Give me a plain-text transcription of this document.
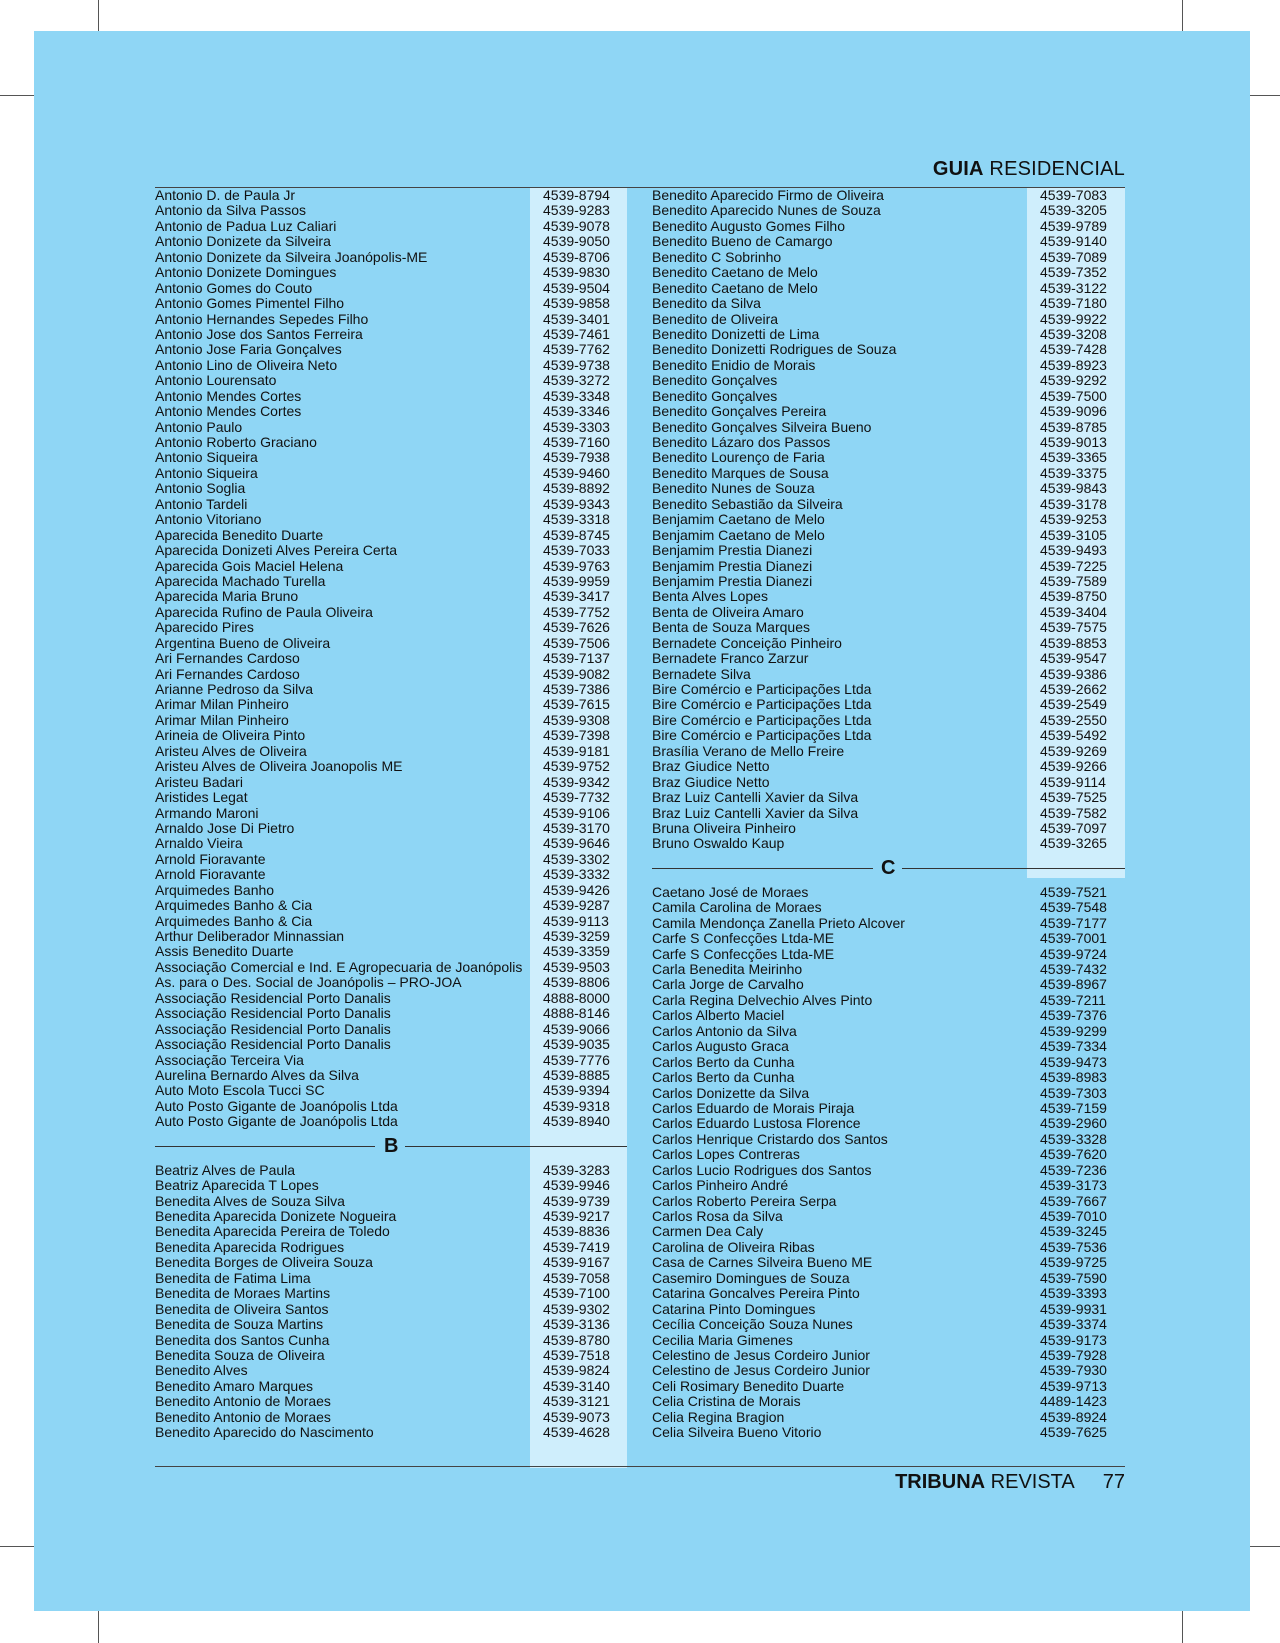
GUIA RESIDENCIAL
Antonio D. de Paula Jr	4539-8794
Antonio da Silva Passos	4539-9283
Antonio de Padua Luz Caliari	4539-9078
Antonio Donizete da Silveira	4539-9050
Antonio Donizete da Silveira Joanópolis-ME	4539-8706
Antonio Donizete Domingues	4539-9830
Antonio Gomes do Couto	4539-9504
Antonio Gomes Pimentel Filho	4539-9858
Antonio Hernandes Sepedes Filho	4539-3401
Antonio Jose dos Santos Ferreira	4539-7461
Antonio Jose Faria Gonçalves	4539-7762
Antonio Lino de Oliveira Neto	4539-9738
Antonio Lourensato	4539-3272
Antonio Mendes Cortes	4539-3348
Antonio Mendes Cortes	4539-3346
Antonio Paulo	4539-3303
Antonio Roberto Graciano	4539-7160
Antonio Siqueira	4539-7938
Antonio Siqueira	4539-9460
Antonio Soglia	4539-8892
Antonio Tardeli	4539-9343
Antonio Vitoriano	4539-3318
Aparecida Benedito Duarte	4539-8745
Aparecida Donizeti Alves Pereira Certa	4539-7033
Aparecida Gois Maciel Helena	4539-9763
Aparecida Machado Turella	4539-9959
Aparecida Maria Bruno	4539-3417
Aparecida Rufino de Paula Oliveira	4539-7752
Aparecido Pires	4539-7626
Argentina Bueno de Oliveira	4539-7506
Ari Fernandes Cardoso	4539-7137
Ari Fernandes Cardoso	4539-9082
Arianne Pedroso da Silva	4539-7386
Arimar Milan Pinheiro	4539-7615
Arimar Milan Pinheiro	4539-9308
Arineia de Oliveira Pinto	4539-7398
Aristeu Alves de Oliveira	4539-9181
Aristeu Alves de Oliveira Joanopolis ME	4539-9752
Aristeu Badari	4539-9342
Aristides Legat	4539-7732
Armando Maroni	4539-9106
Arnaldo Jose Di Pietro	4539-3170
Arnaldo Vieira	4539-9646
Arnold Fioravante	4539-3302
Arnold Fioravante	4539-3332
Arquimedes Banho	4539-9426
Arquimedes Banho & Cia	4539-9287
Arquimedes Banho & Cia	4539-9113
Arthur Deliberador Minnassian	4539-3259
Assis Benedito Duarte	4539-3359
Associação Comercial e Ind. E Agropecuaria de Joanópolis 4539-9503
As. para o Des. Social de Joanópolis – PRO-JOA	4539-8806
Associação Residencial Porto Danalis	4888-8000
Associação Residencial Porto Danalis	4888-8146
Associação Residencial Porto Danalis	4539-9066
Associação Residencial Porto Danalis	4539-9035
Associação Terceira Via	4539-7776
Aurelina Bernardo Alves da Silva	4539-8885
Auto Moto Escola Tucci SC	4539-9394
Auto Posto Gigante de Joanópolis Ltda	4539-9318
Auto Posto Gigante de Joanópolis Ltda	4539-8940
B
Beatriz Alves de Paula	4539-3283
Beatriz Aparecida T Lopes	4539-9946
Benedita Alves de Souza Silva	4539-9739
Benedita Aparecida Donizete Nogueira	4539-9217
Benedita Aparecida Pereira de Toledo	4539-8836
Benedita Aparecida Rodrigues	4539-7419
Benedita Borges de Oliveira Souza	4539-9167
Benedita de Fatima Lima	4539-7058
Benedita de Moraes Martins	4539-7100
Benedita de Oliveira Santos	4539-9302
Benedita de Souza Martins	4539-3136
Benedita dos Santos Cunha	4539-8780
Benedita Souza de Oliveira	4539-7518
Benedito Alves	4539-9824
Benedito Amaro Marques	4539-3140
Benedito Antonio de Moraes	4539-3121
Benedito Antonio de Moraes	4539-9073
Benedito Aparecido do Nascimento	4539-4628
Benedito Aparecido Firmo de Oliveira	4539-7083
Benedito Aparecido Nunes de Souza	4539-3205
Benedito Augusto Gomes Filho	4539-9789
Benedito Bueno de Camargo	4539-9140
Benedito C Sobrinho	4539-7089
Benedito Caetano de Melo	4539-7352
Benedito Caetano de Melo	4539-3122
Benedito da Silva	4539-7180
Benedito de Oliveira	4539-9922
Benedito Donizetti de Lima	4539-3208
Benedito Donizetti Rodrigues de Souza	4539-7428
Benedito Enidio de Morais	4539-8923
Benedito Gonçalves	4539-9292
Benedito Gonçalves	4539-7500
Benedito Gonçalves Pereira	4539-9096
Benedito Gonçalves Silveira Bueno	4539-8785
Benedito Lázaro dos Passos	4539-9013
Benedito Lourenço de Faria	4539-3365
Benedito Marques de Sousa	4539-3375
Benedito Nunes de Souza	4539-9843
Benedito Sebastião da Silveira	4539-3178
Benjamim Caetano de Melo	4539-9253
Benjamim Caetano de Melo	4539-3105
Benjamim Prestia Dianezi	4539-9493
Benjamim Prestia Dianezi	4539-7225
Benjamim Prestia Dianezi	4539-7589
Benta Alves Lopes	4539-8750
Benta de Oliveira Amaro	4539-3404
Benta de Souza Marques	4539-7575
Bernadete Conceição Pinheiro	4539-8853
Bernadete Franco Zarzur	4539-9547
Bernadete Silva	4539-9386
Bire Comércio e Participações Ltda	4539-2662
Bire Comércio e Participações Ltda	4539-2549
Bire Comércio e Participações Ltda	4539-2550
Bire Comércio e Participações Ltda	4539-5492
Brasília Verano de Mello Freire	4539-9269
Braz Giudice Netto	4539-9266
Braz Giudice Netto	4539-9114
Braz Luiz Cantelli Xavier da Silva	4539-7525
Braz Luiz Cantelli Xavier da Silva	4539-7582
Bruna Oliveira Pinheiro	4539-7097
Bruno Oswaldo Kaup	4539-3265
C
Caetano José de Moraes	4539-7521
Camila Carolina de Moraes	4539-7548
Camila Mendonça Zanella Prieto Alcover	4539-7177
Carfe S Confecções Ltda-ME	4539-7001
Carfe S Confecções Ltda-ME	4539-9724
Carla Benedita Meirinho	4539-7432
Carla Jorge de Carvalho	4539-8967
Carla Regina Delvechio Alves Pinto	4539-7211
Carlos Alberto Maciel	4539-7376
Carlos Antonio da Silva	4539-9299
Carlos Augusto Graca	4539-7334
Carlos Berto da Cunha	4539-9473
Carlos Berto da Cunha	4539-8983
Carlos Donizette da Silva	4539-7303
Carlos Eduardo de Morais Piraja	4539-7159
Carlos Eduardo Lustosa Florence	4539-2960
Carlos Henrique Cristardo dos Santos	4539-3328
Carlos Lopes Contreras	4539-7620
Carlos Lucio Rodrigues dos Santos	4539-7236
Carlos Pinheiro André	4539-3173
Carlos Roberto Pereira Serpa	4539-7667
Carlos Rosa da Silva	4539-7010
Carmen Dea Caly	4539-3245
Carolina de Oliveira Ribas	4539-7536
Casa de Carnes Silveira Bueno ME	4539-9725
Casemiro Domingues de Souza	4539-7590
Catarina Goncalves Pereira Pinto	4539-3393
Catarina Pinto Domingues	4539-9931
Cecília Conceição Souza Nunes	4539-3374
Cecilia Maria Gimenes	4539-9173
Celestino de Jesus Cordeiro Junior	4539-7928
Celestino de Jesus Cordeiro Junior	4539-7930
Celi Rosimary Benedito Duarte	4539-9713
Celia Cristina de Morais	4489-1423
Celia Regina Bragion	4539-8924
Celia Silveira Bueno Vitorio	4539-7625
TRIBUNA REVISTA 77
